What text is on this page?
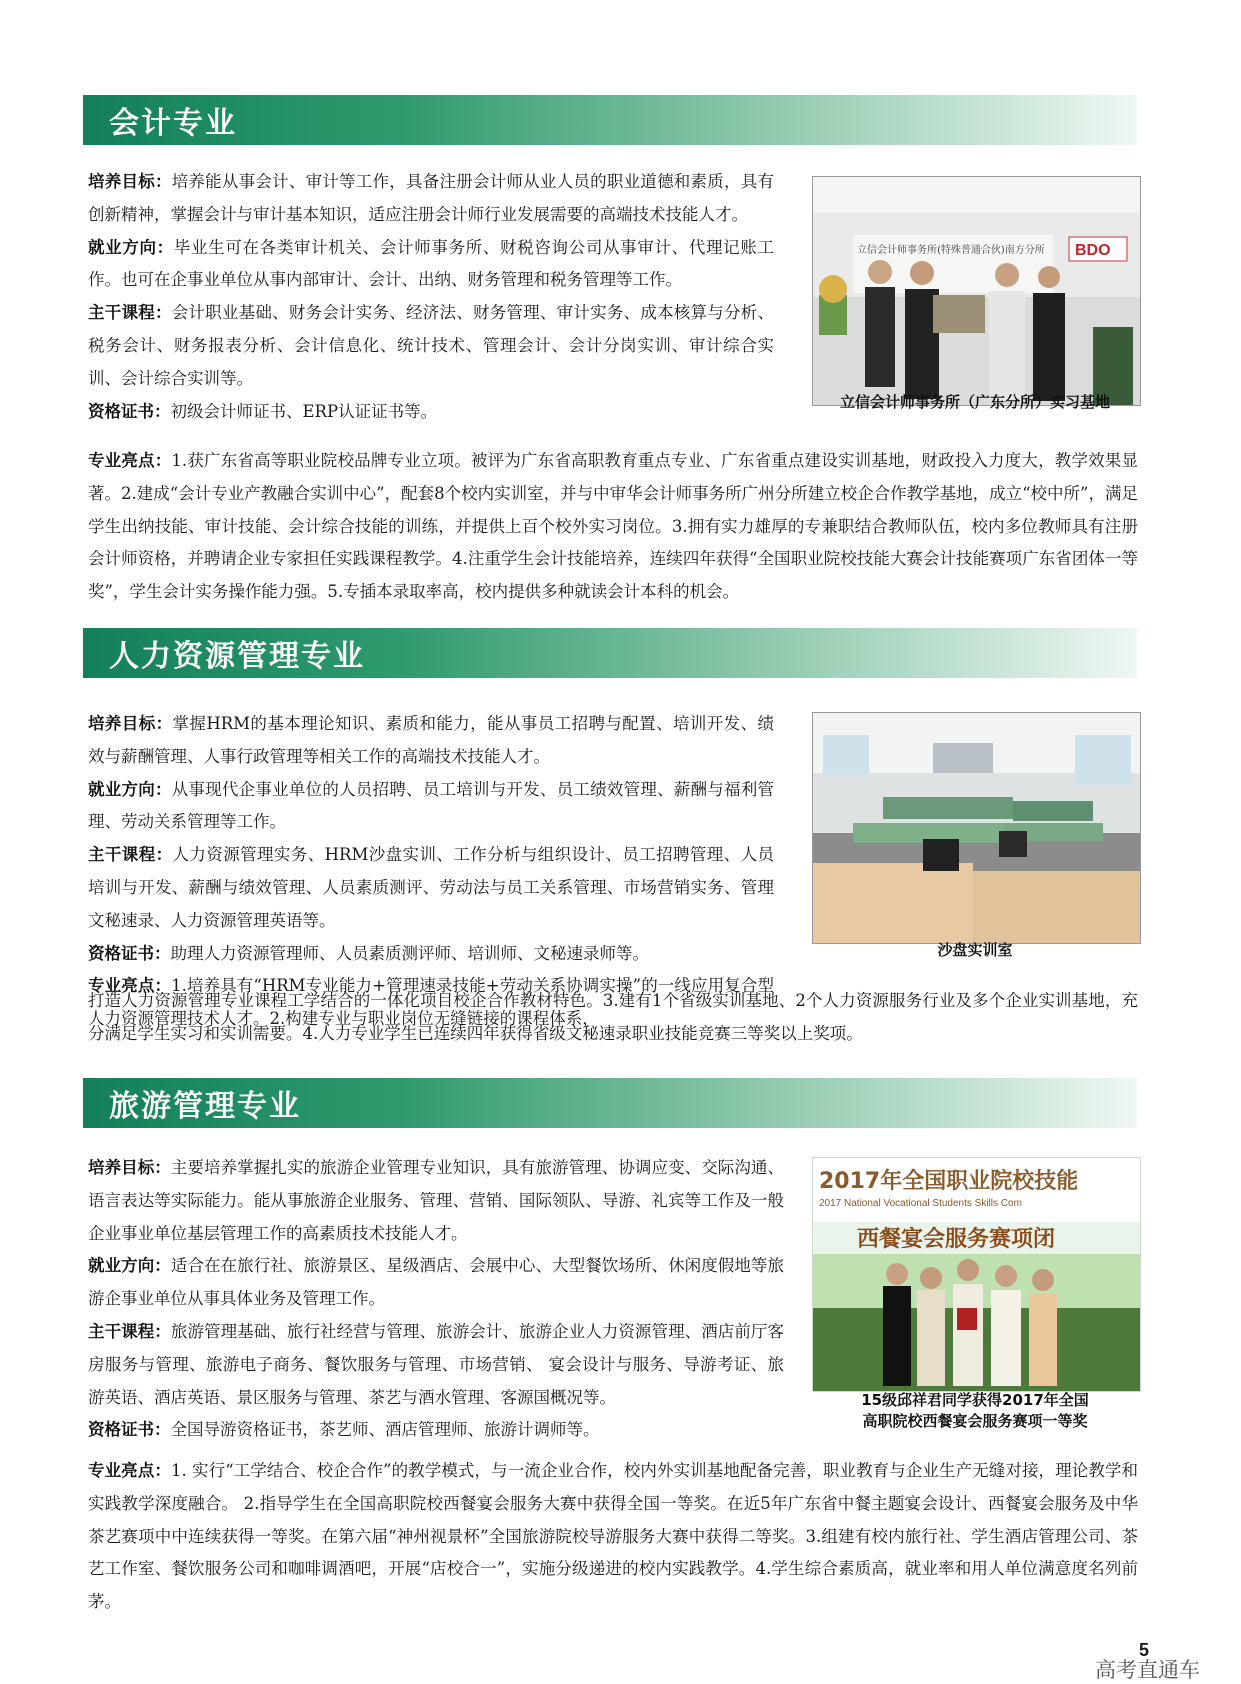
会计专业

培养目标：培养能从事会计、审计等工作，具备注册会计师从业人员的职业道德和素质，具有创新精神，掌握会计与审计基本知识，适应注册会计师行业发展需要的高端技术技能人才。

就业方向：毕业生可在各类审计机关、会计师事务所、财税咨询公司从事审计、代理记账工作。也可在企事业单位从事内部审计、会计、出纳、财务管理和税务管理等工作。

主干课程：会计职业基础、财务会计实务、经济法、财务管理、审计实务、成本核算与分析、税务会计、财务报表分析、会计信息化、统计技术、管理会计、会计分岗实训、审计综合实训、会计综合实训等。

资格证书：初级会计师证书、ERP认证证书等。

专业亮点：1.获广东省高等职业院校品牌专业立项。被评为广东省高职教育重点专业、广东省重点建设实训基地，财政投入力度大，教学效果显著。2.建成“会计专业产教融合实训中心”，配套8个校内实训室，并与中审华会计师事务所广州分所建立校企合作教学基地，成立“校中所”，满足学生出纳技能、审计技能、会计综合技能的训练，并提供上百个校外实习岗位。3.拥有实力雄厚的专兼职结合教师队伍，校内多位教师具有注册会计师资格，并聘请企业专家担任实践课程教学。4.注重学生会计技能培养，连续四年获得“全国职业院校技能大赛会计技能赛项广东省团体一等奖”，学生会计实务操作能力强。5.专插本录取率高，校内提供多种就读会计本科的机会。

立信会计师事务所(特殊普通合伙)南方分所 BDO
立信会计师事务所（广东分所）实习基地
人力资源管理专业

培养目标：掌握HRM的基本理论知识、素质和能力，能从事员工招聘与配置、培训开发、绩效与薪酬管理、人事行政管理等相关工作的高端技术技能人才。

就业方向：从事现代企事业单位的人员招聘、员工培训与开发、员工绩效管理、薪酬与福利管理、劳动关系管理等工作。

主干课程：人力资源管理实务、HRM沙盘实训、工作分析与组织设计、员工招聘管理、人员培训与开发、薪酬与绩效管理、人员素质测评、劳动法与员工关系管理、市场营销实务、管理文秘速录、人力资源管理英语等。

资格证书：助理人力资源管理师、人员素质测评师、培训师、文秘速录师等。

专业亮点：1.培养具有“HRM专业能力+管理速录技能+劳动关系协调实操”的一线应用复合型人力资源管理技术人才。2.构建专业与职业岗位无缝链接的课程体系，

打造人力资源管理专业课程工学结合的一体化项目校企合作教材特色。3.建有1个省级实训基地、2个人力资源服务行业及多个企业实训基地，充分满足学生实习和实训需要。4.人力专业学生已连续四年获得省级文秘速录职业技能竞赛三等奖以上奖项。

沙盘实训室
旅游管理专业

培养目标：主要培养掌握扎实的旅游企业管理专业知识，具有旅游管理、协调应变、交际沟通、语言表达等实际能力。能从事旅游企业服务、管理、营销、国际领队、导游、礼宾等工作及一般企业事业单位基层管理工作的高素质技术技能人才。

就业方向：适合在在旅行社、旅游景区、星级酒店、会展中心、大型餐饮场所、休闲度假地等旅游企事业单位从事具体业务及管理工作。

主干课程：旅游管理基础、旅行社经营与管理、旅游会计、旅游企业人力资源管理、酒店前厅客房服务与管理、旅游电子商务、餐饮服务与管理、市场营销、 宴会设计与服务、导游考证、旅游英语、酒店英语、景区服务与管理、茶艺与酒水管理、客源国概况等。

资格证书：全国导游资格证书，茶艺师、酒店管理师、旅游计调师等。

专业亮点：1. 实行“工学结合、校企合作”的教学模式，与一流企业合作，校内外实训基地配备完善，职业教育与企业生产无缝对接，理论教学和实践教学深度融合。 2.指导学生在全国高职院校西餐宴会服务大赛中获得全国一等奖。在近5年广东省中餐主题宴会设计、西餐宴会服务及中华茶艺赛项中中连续获得一等奖。在第六届“神州视景杯”全国旅游院校导游服务大赛中获得二等奖。3.组建有校内旅行社、学生酒店管理公司、茶艺工作室、餐饮服务公司和咖啡调酒吧，开展“店校合一”，实施分级递进的校内实践教学。4.学生综合素质高，就业率和用人单位满意度名列前茅。

2017年全国职业院校技能
2017 National Vocational Students Skills Com
西餐宴会服务赛项闭
15级邱祥君同学获得2017年全国
高职院校西餐宴会服务赛项一等奖
5
高考直通车
